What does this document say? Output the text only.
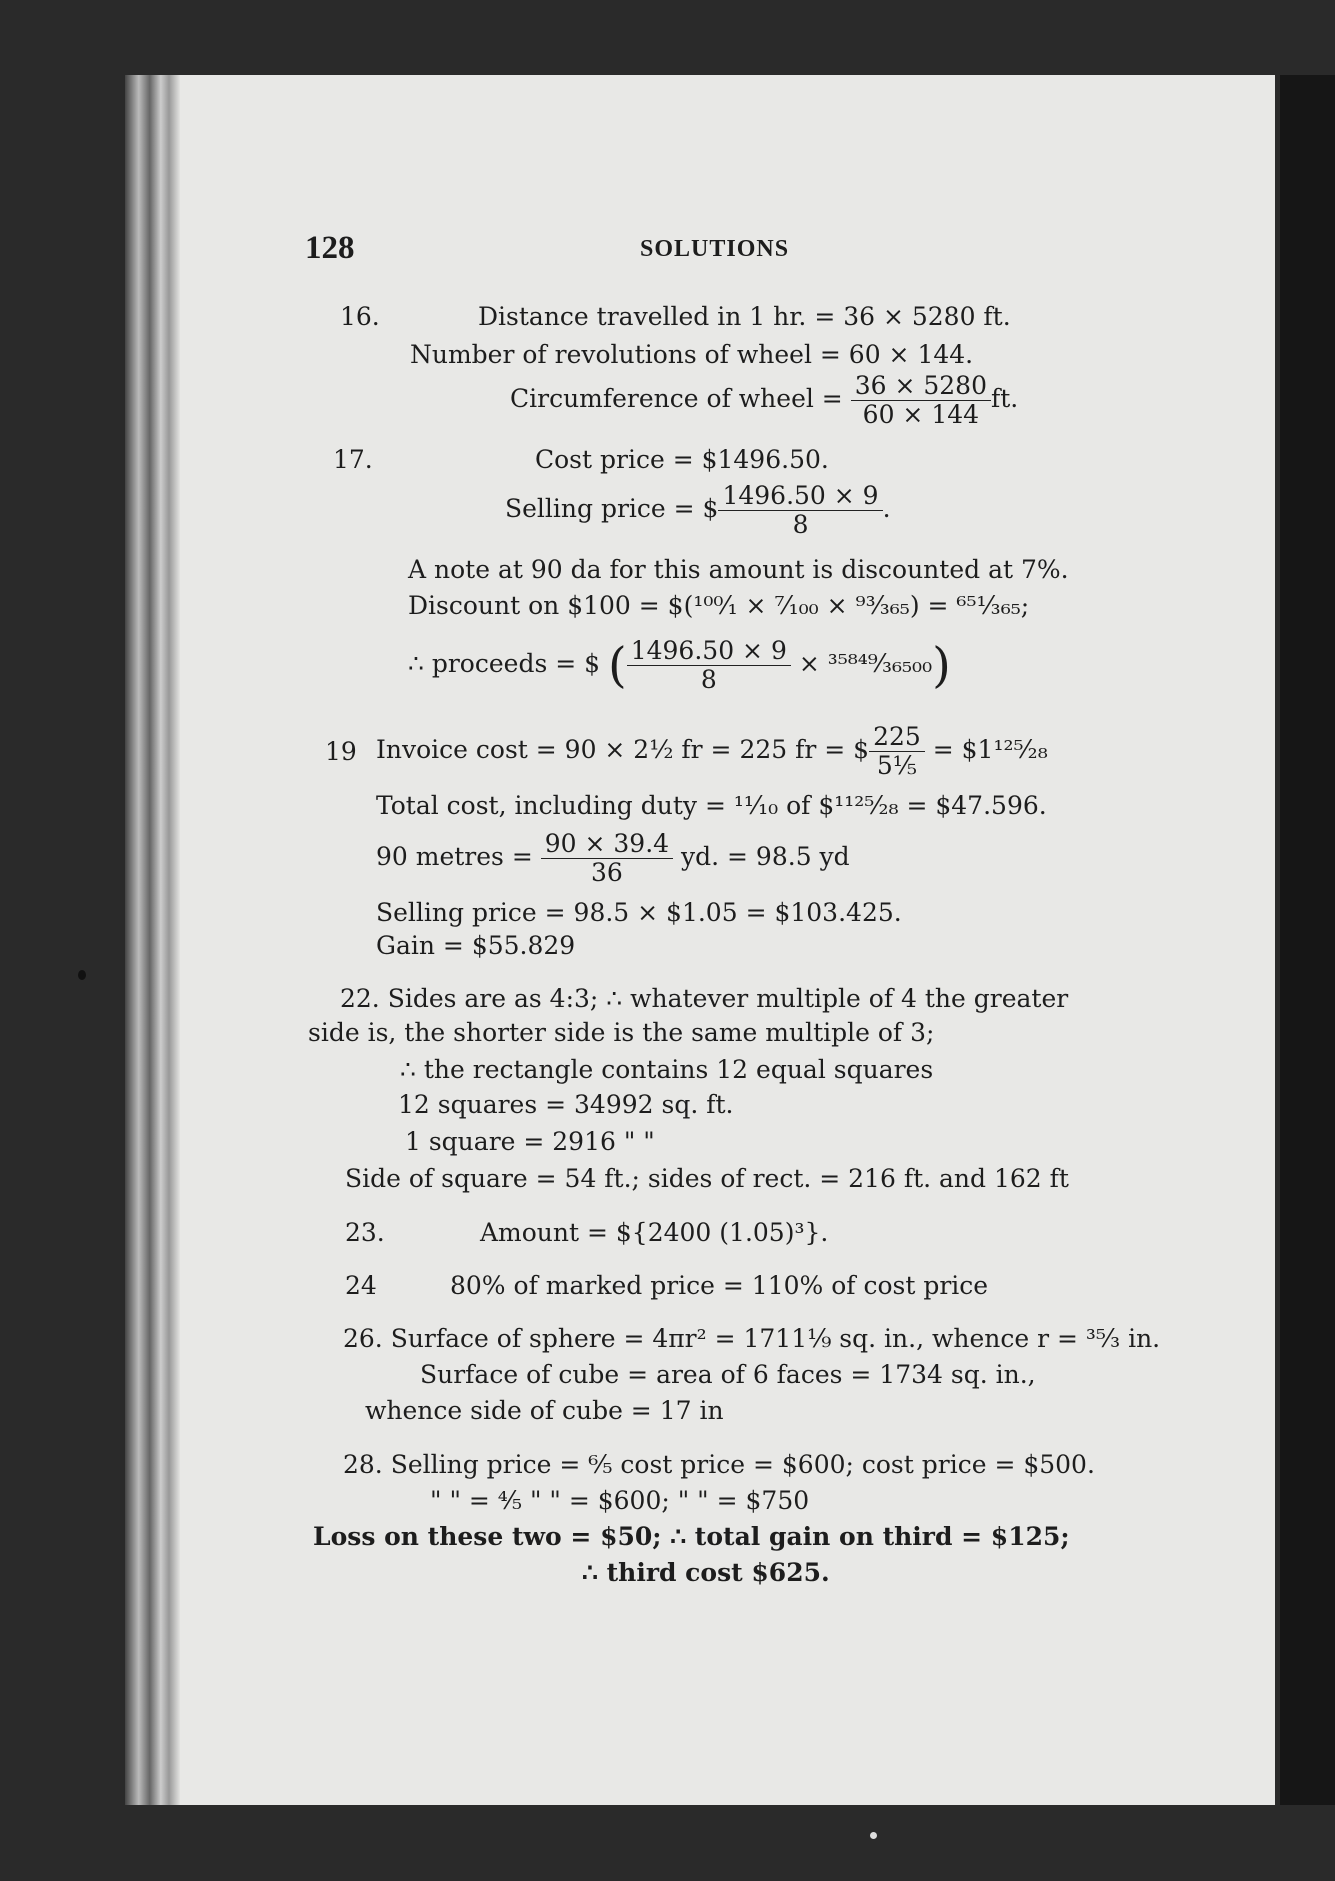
128	SOLUTIONS
16.	Distance travelled in 1 hr. = 36 × 5280 ft.
Number of revolutions of wheel = 60 × 144.
Circumference of wheel = $\frac{36 \times 5280}{60 \times 144}$ ft.
17.	Cost price = $1496.50.
Selling price = $ $\frac{1496.50 \times 9}{8}$ .
A note at 90 da for this amount is discounted at 7%.
Discount on $100 = $(¹⁰⁰⁄₁ × ⁷⁄₁₀₀ × ⁹³⁄₃₆₅) = ⁶⁵¹⁄₃₆₅;
∴ proceeds = $ ( $\frac{1496.50 \times 9}{8}$ × ³⁵⁸⁴⁹⁄₃₆₅₀₀)
19 Invoice cost = 90 × 2½ fr = 225 fr = $ $\frac{225}{\text{5⅕}}$ = $1¹²⁵⁄₂₈
Total cost, including duty = ¹¹⁄₁₀ of $¹¹²⁵⁄₂₈ = $47.596.
90 metres = $\frac{90 \times 39.4}{36}$ yd. = 98.5 yd
Selling price = 98.5 × $1.05 = $103.425.
Gain = $55.829
22. Sides are as 4:3; ∴ whatever multiple of 4 the greater
side is, the shorter side is the same multiple of 3;
∴ the rectangle contains 12 equal squares
12 squares = 34992 sq. ft.
1 square = 2916 " "
Side of square = 54 ft.; sides of rect. = 216 ft. and 162 ft
23.	Amount = ${2400 (1.05)³}.
24	80% of marked price = 110% of cost price
26. Surface of sphere = 4πr² = 1711⅑ sq. in., whence r = ³⁵⁄₃ in.
Surface of cube = area of 6 faces = 1734 sq. in.,
whence side of cube = 17 in
28. Selling price = ⁶⁄₅ cost price = $600; cost price = $500.
" " = ⁴⁄₅ " " = $600; " " = $750
Loss on these two = $50; ∴ total gain on third = $125;
∴ third cost $625.
